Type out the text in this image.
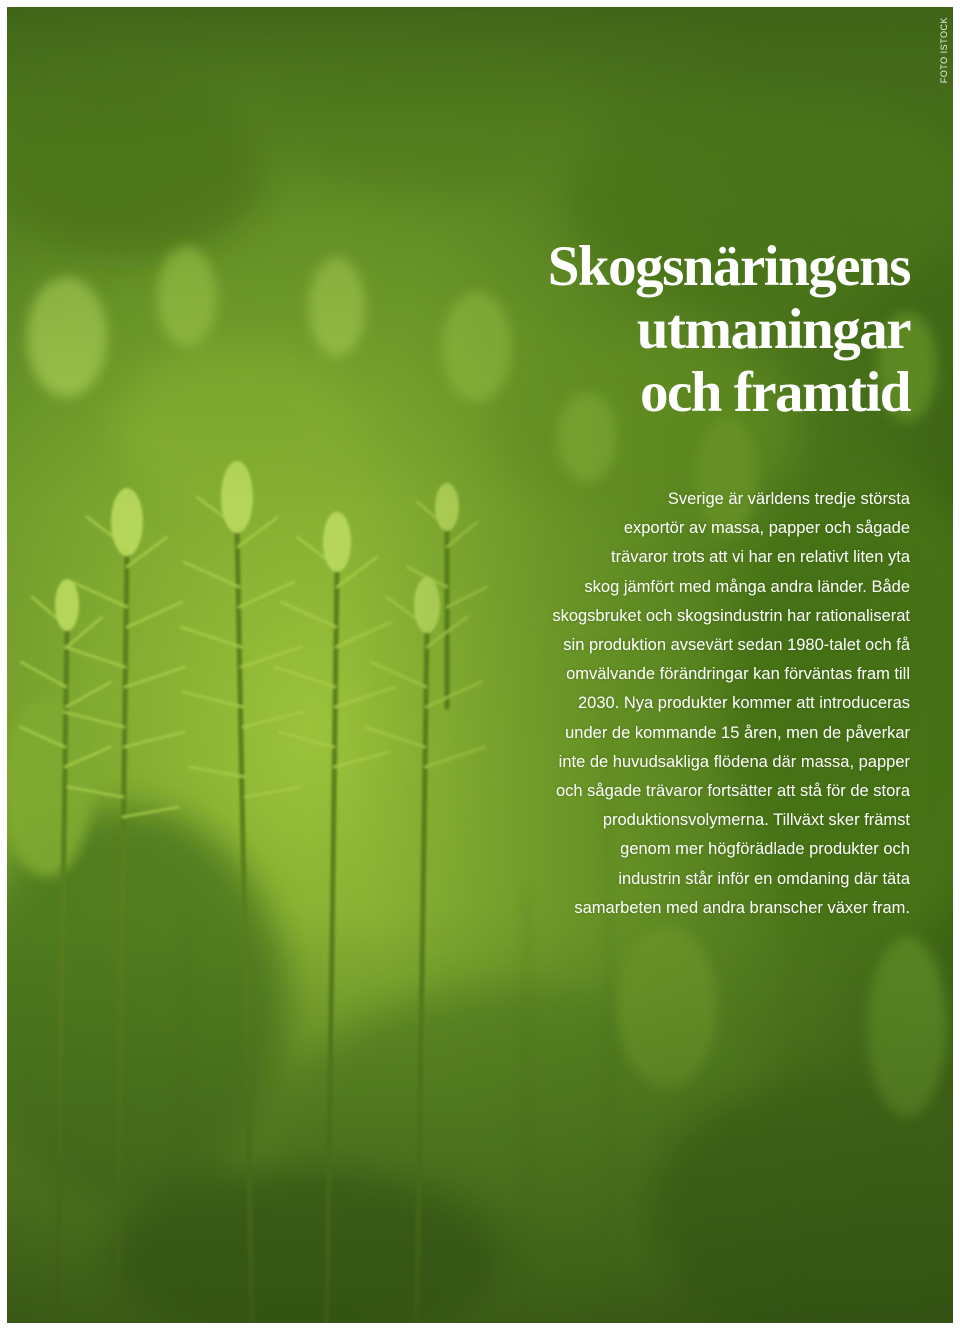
FOTO ISTOCK
Skogsnäringens
utmaningar
och framtid

Sverige är världens tredje största
exportör av massa, papper och sågade
trävaror trots att vi har en relativt liten yta
skog jämfört med många andra länder. Både
skogsbruket och skogsindustrin har rationaliserat
sin produktion avsevärt sedan 1980-talet och få
omvälvande förändringar kan förväntas fram till
2030. Nya produkter kommer att introduceras
under de kommande 15 åren, men de påverkar
inte de huvudsakliga flödena där massa, papper
och sågade trävaror fortsätter att stå för de stora
produktionsvolymerna. Tillväxt sker främst
genom mer högförädlade produkter och
industrin står inför en omdaning där täta
samarbeten med andra branscher växer fram.
